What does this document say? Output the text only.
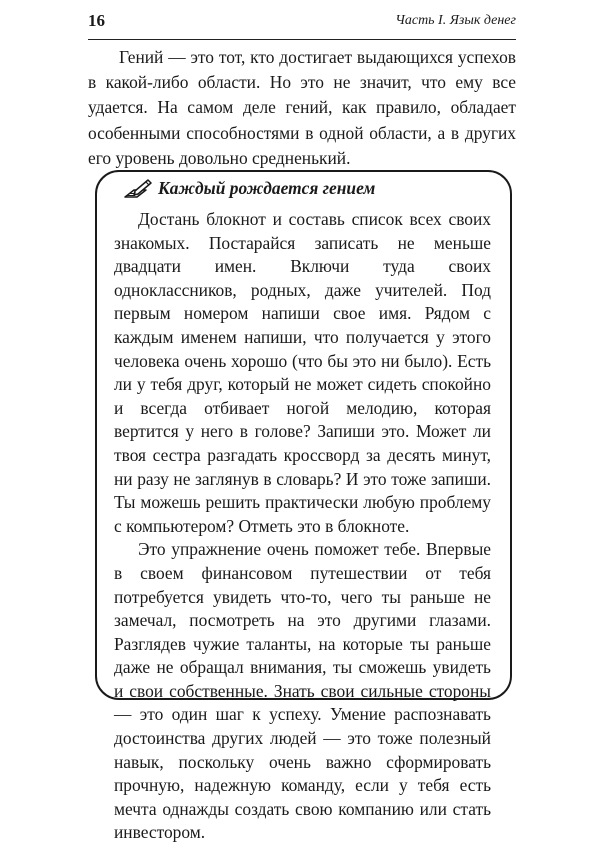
16	Часть I. Язык денег

Гений — это тот, кто достигает выдающихся успехов в какой-либо области. Но это не значит, что ему все удается. На самом деле гений, как правило, обладает особенными способностями в одной области, а в других его уровень довольно средненький.

Каждый рождается гением

Достань блокнот и составь список всех своих знакомых. Постарайся записать не меньше двадцати имен. Включи туда своих одноклассников, родных, даже учителей. Под первым номером напиши свое имя. Рядом с каждым именем напиши, что получается у этого человека очень хорошо (что бы это ни было). Есть ли у тебя друг, который не может сидеть спокойно и всегда отбивает ногой мелодию, которая вертится у него в голове? Запиши это. Может ли твоя сестра разгадать кроссворд за десять минут, ни разу не заглянув в словарь? И это тоже запиши. Ты можешь решить практически любую проблему с компьютером? Отметь это в блокноте.

Это упражнение очень поможет тебе. Впервые в своем финансовом путешествии от тебя потребуется увидеть что-то, чего ты раньше не замечал, посмотреть на это другими глазами. Разглядев чужие таланты, на которые ты раньше даже не обращал внимания, ты сможешь увидеть и свои собственные. Знать свои сильные стороны — это один шаг к успеху. Умение распознавать достоинства других людей — это тоже полезный навык, поскольку очень важно сформировать прочную, надежную команду, если у тебя есть мечта однажды создать свою компанию или стать инвестором.
